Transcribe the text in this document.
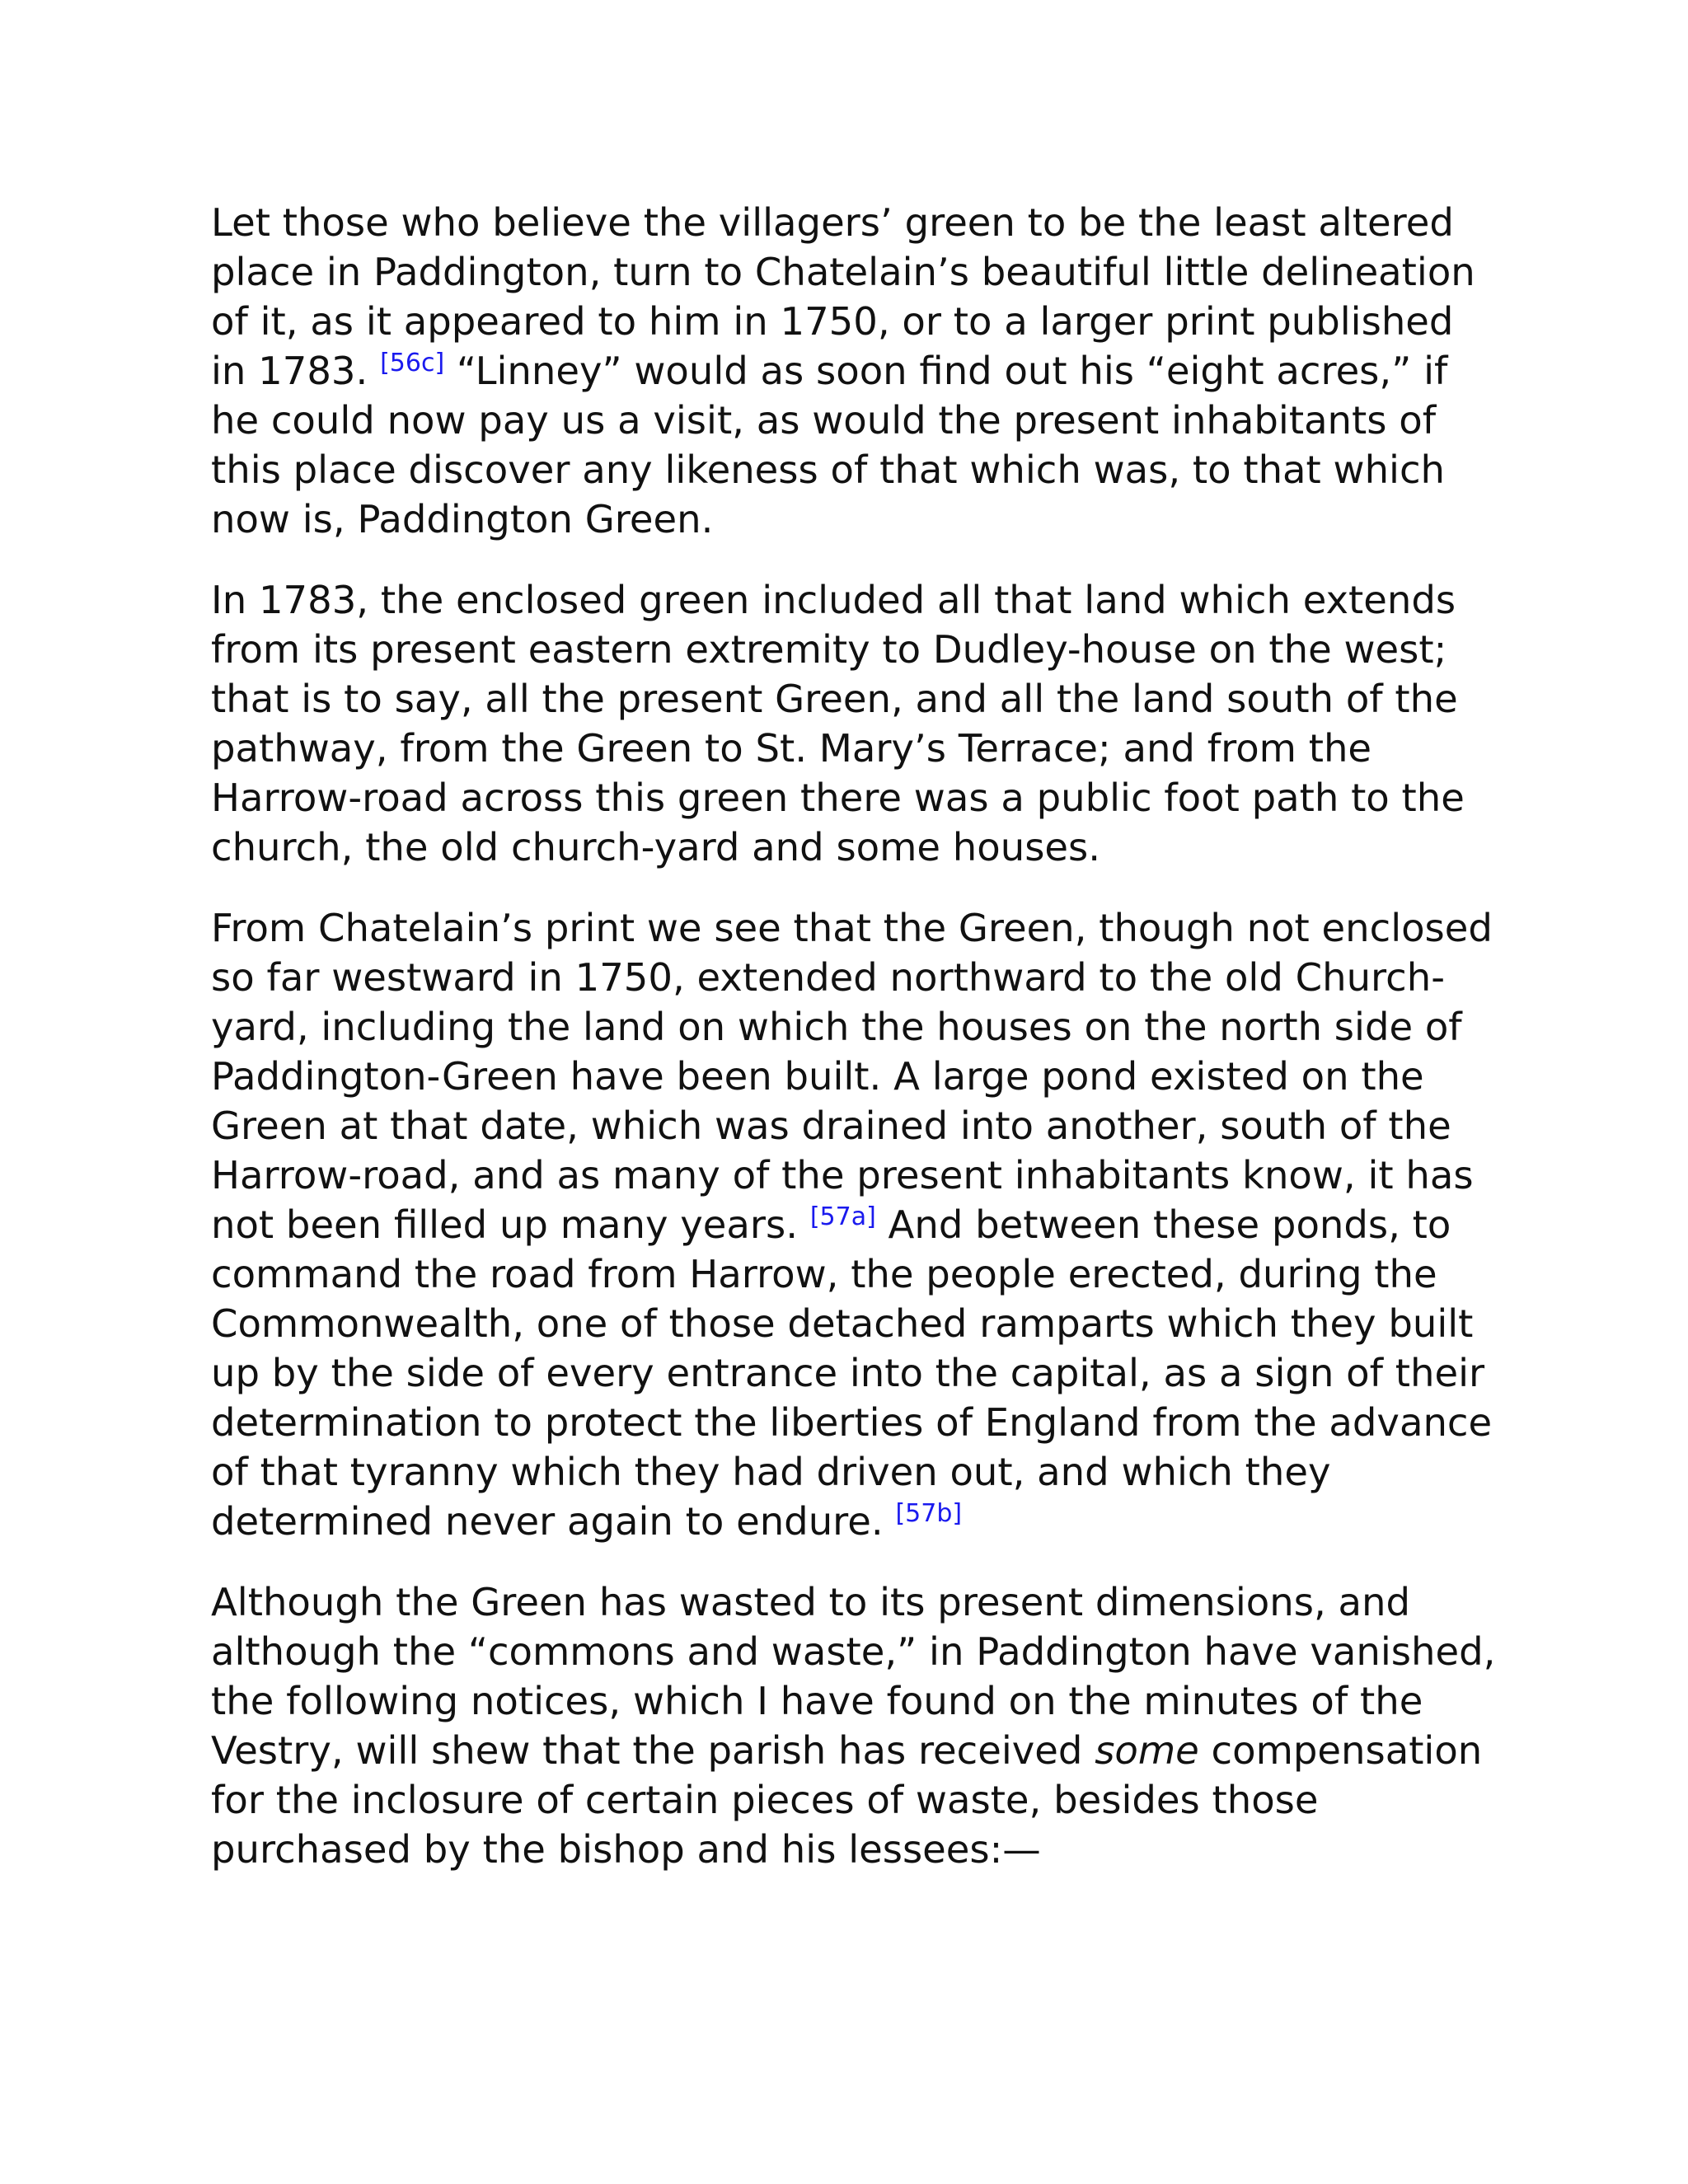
Let those who believe the villagers’ green to be the least altered place in Paddington, turn to Chatelain’s beautiful little delineation of it, as it appeared to him in 1750, or to a larger print published in 1783. [56c] “Linney” would as soon find out his “eight acres,” if he could now pay us a visit, as would the present inhabitants of this place discover any likeness of that which was, to that which now is, Paddington Green.

In 1783, the enclosed green included all that land which extends from its present eastern extremity to Dudley-house on the west; that is to say, all the present Green, and all the land south of the pathway, from the Green to St. Mary’s Terrace; and from the Harrow-road across this green there was a public foot path to the church, the old church-yard and some houses.

From Chatelain’s print we see that the Green, though not enclosed so far westward in 1750, extended northward to the old Church-yard, including the land on which the houses on the north side of Paddington-Green have been built. A large pond existed on the Green at that date, which was drained into another, south of the Harrow-road, and as many of the present inhabitants know, it has not been filled up many years. [57a] And between these ponds, to command the road from Harrow, the people erected, during the Commonwealth, one of those detached ramparts which they built up by the side of every entrance into the capital, as a sign of their determination to protect the liberties of England from the advance of that tyranny which they had driven out, and which they determined never again to endure. [57b]

Although the Green has wasted to its present dimensions, and although the “commons and waste,” in Paddington have vanished, the following notices, which I have found on the minutes of the Vestry, will shew that the parish has received some compensation for the inclosure of certain pieces of waste, besides those purchased by the bishop and his lessees:—
